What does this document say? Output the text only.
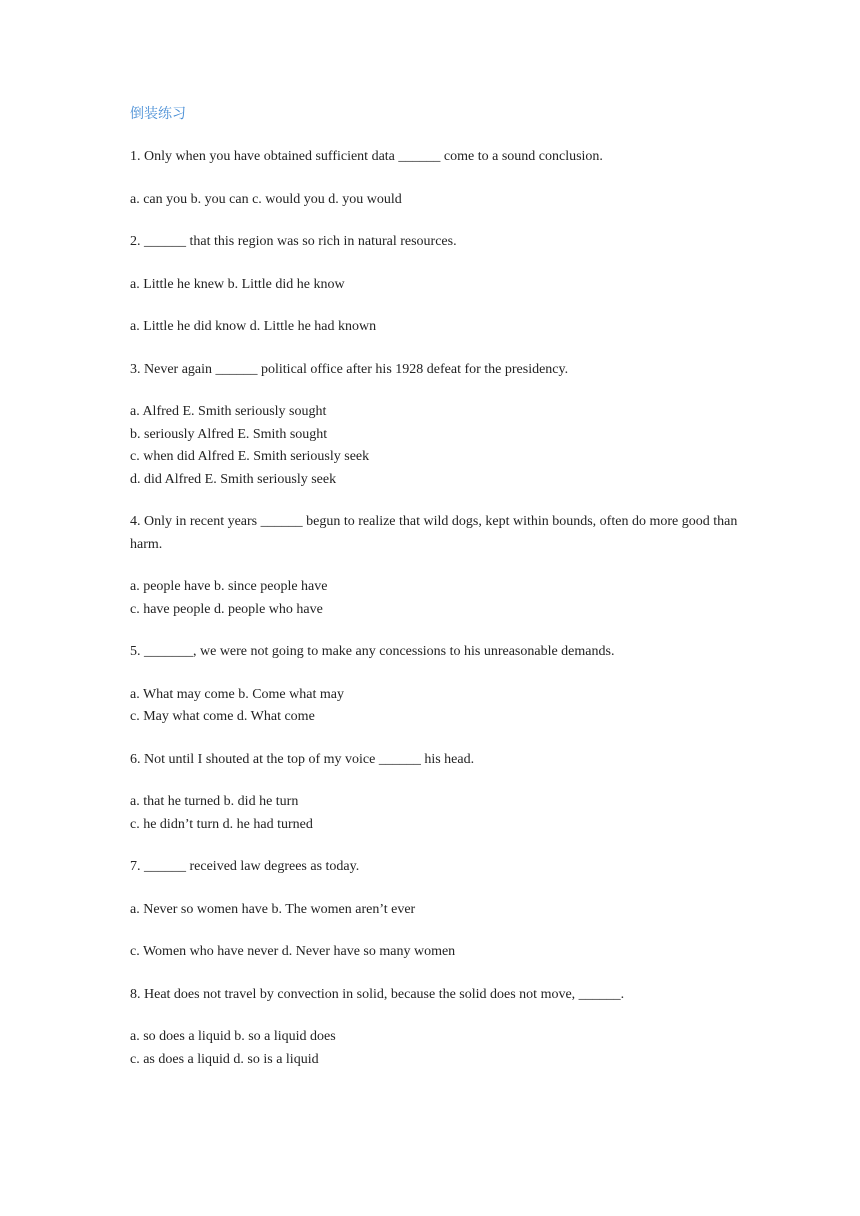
倒装练习

1. Only when you have obtained sufficient data ______ come to a sound conclusion.

a. can you b. you can c. would you d. you would

2. ______ that this region was so rich in natural resources.

a. Little he knew b. Little did he know

a. Little he did know d. Little he had known

3. Never again ______ political office after his 1928 defeat for the presidency.

a. Alfred E. Smith seriously sought

b. seriously Alfred E. Smith sought

c. when did Alfred E. Smith seriously seek

d. did Alfred E. Smith seriously seek

4. Only in recent years ______ begun to realize that wild dogs, kept within bounds, often do more good than harm.

a. people have b. since people have

c. have people d. people who have

5. _______, we were not going to make any concessions to his unreasonable demands.

a. What may come b. Come what may

c. May what come d. What come

6. Not until I shouted at the top of my voice ______ his head.

a. that he turned b. did he turn

c. he didn’t turn d. he had turned

7. ______ received law degrees as today.

a. Never so women have b. The women aren’t ever

c. Women who have never d. Never have so many women

8. Heat does not travel by convection in solid, because the solid does not move, ______.

a. so does a liquid b. so a liquid does

c. as does a liquid d. so is a liquid
